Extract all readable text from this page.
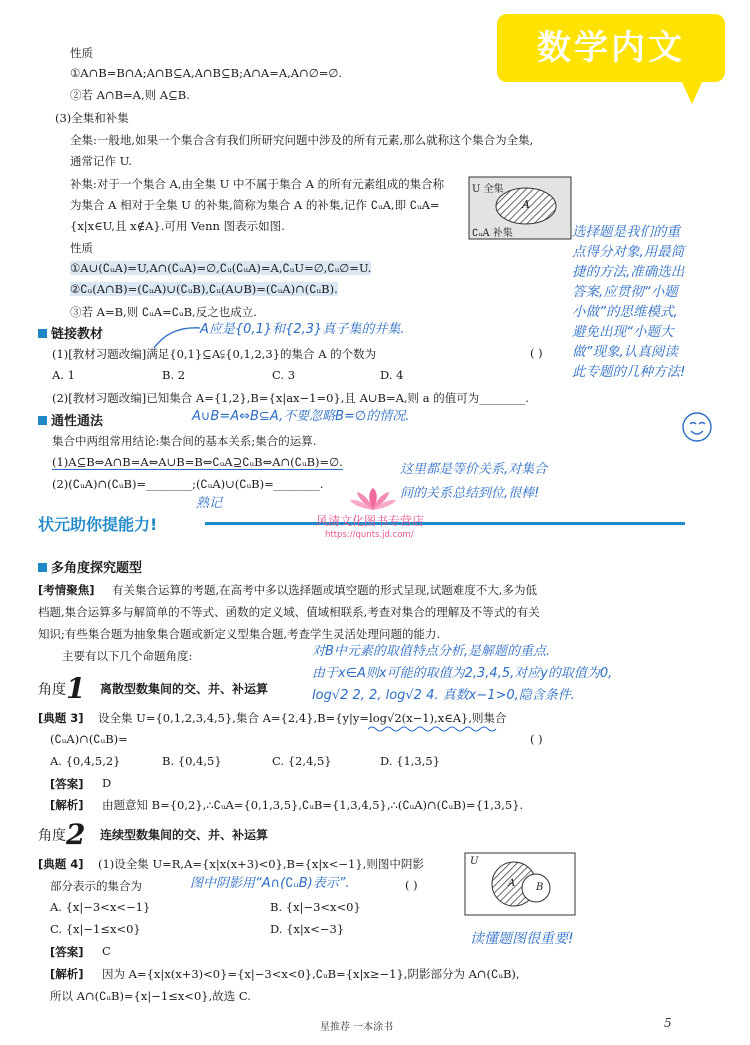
数学内文
性质
①A∩B=B∩A;A∩B⊆A,A∩B⊆B;A∩A=A,A∩∅=∅.
②若 A∩B=A,则 A⊆B.
(3)全集和补集
全集:一般地,如果一个集合含有我们所研究问题中涉及的所有元素,那么就称这个集合为全集,
通常记作 U.
补集:对于一个集合 A,由全集 U 中不属于集合 A 的所有元素组成的集合称
为集合 A 相对于全集 U 的补集,简称为集合 A 的补集,记作 ∁ᵤA,即 ∁ᵤA=
{x|x∈U,且 x∉A}.可用 Venn 图表示如图.
性质
①A∪(∁ᵤA)=U,A∩(∁ᵤA)=∅,∁ᵤ(∁ᵤA)=A,∁ᵤU=∅,∁ᵤ∅=U.
②∁ᵤ(A∩B)=(∁ᵤA)∪(∁ᵤB),∁ᵤ(A∪B)=(∁ᵤA)∩(∁ᵤB).
③若 A=B,则 ∁ᵤA=∁ᵤB,反之也成立.
U 全集
A
∁ᵤA 补集	选择题是我们的重
点得分对象,用最简
捷的方法,准确选出
答案,应贯彻“小题
小做”的思维模式,
避免出现“小题大
做”现象,认真阅读
此专题的几种方法!
链接教材	A应是{0,1}和{2,3}真子集的并集.
(1)[教材习题改编]满足{0,1}⊆A⫋{0,1,2,3}的集合 A 的个数为	( )
A. 1	B. 2	C. 3	D. 4
(2)[教材习题改编]已知集合 A={1,2},B={x|ax−1=0},且 A∪B=A,则 a 的值可为________.
通性通法	A∪B=A⇔B⊆A,不要忽略B=∅的情况.
集合中两组常用结论:集合间的基本关系;集合的运算.
(1)A⊆B⇔A∩B=A⇔A∪B=B⇔∁ᵤA⊇∁ᵤB⇔A∩(∁ᵤB)=∅.
(2)(∁ᵤA)∩(∁ᵤB)=________;(∁ᵤA)∪(∁ᵤB)=________.
熟记
这里都是等价关系,对集合
间的关系总结到位,很棒!
状元助你提能力!	风清文化图书专营店
https://qunts.jd.com/
多角度探究题型
[考情聚焦] 有关集合运算的考题,在高考中多以选择题或填空题的形式呈现,试题难度不大,多为低
档题,集合运算多与解简单的不等式、函数的定义域、值域相联系,考查对集合的理解及不等式的有关
知识;有些集合题为抽象集合题或新定义型集合题,考查学生灵活处理问题的能力.
主要有以下几个命题角度:	对B中元素的取值特点分析,是解题的重点.
由于x∈A则x可能的取值为2,3,4,5,对应y的取值为0,
log√2 2, 2, log√2 4. 真数x−1>0,隐含条件.
角度1 离散型数集间的交、并、补运算
[典题 3] 设全集 U={0,1,2,3,4,5},集合 A={2,4},B={y|y=log√2(x−1),x∈A},则集合
(∁ᵤA)∩(∁ᵤB)=	( )
A. {0,4,5,2}	B. {0,4,5}	C. {2,4,5}	D. {1,3,5}
[答案] D
[解析] 由题意知 B={0,2},∴∁ᵤA={0,1,3,5},∁ᵤB={1,3,4,5},∴(∁ᵤA)∩(∁ᵤB)={1,3,5}.
角度2 连续型数集间的交、并、补运算
[典题 4] (1)设全集 U=R,A={x|x(x+3)<0},B={x|x<−1},则图中阴影
部分表示的集合为	图中阴影用“A∩(∁ᵤB)表示”.	( )
A. {x|−3<x<−1}	B. {x|−3<x<0}
C. {x|−1≤x<0}	D. {x|x<−3}
[答案] C
[解析] 因为 A={x|x(x+3)<0}={x|−3<x<0},∁ᵤB={x|x≥−1},阴影部分为 A∩(∁ᵤB),
所以 A∩(∁ᵤB)={x|−1≤x<0},故选 C.
U
A B
读懂题图很重要!
星推荐 一本涂书	5
